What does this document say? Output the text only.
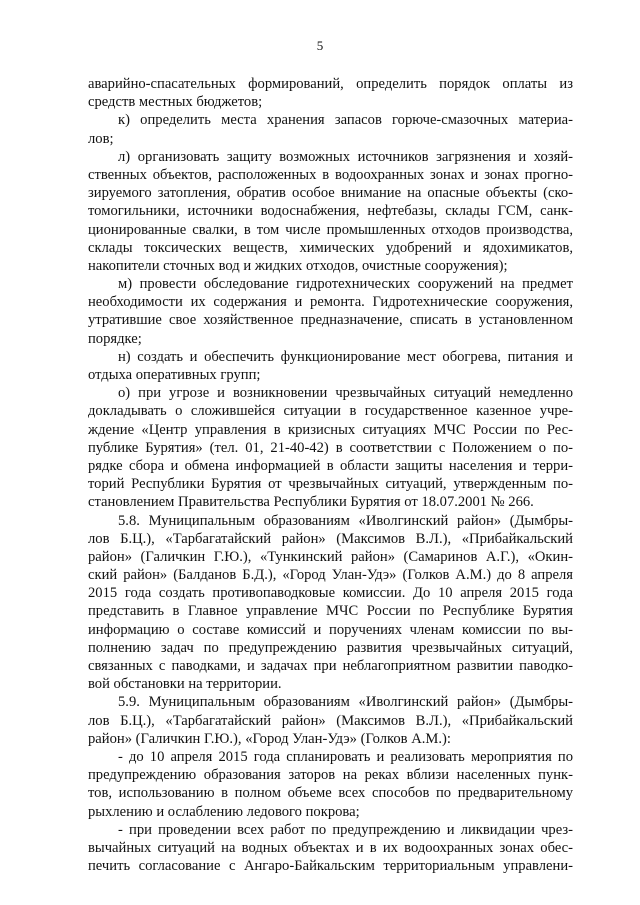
5
аварийно-спасательных формирований, определить порядок оплаты из
средств местных бюджетов;
к) определить места хранения запасов горюче-смазочных материа-
лов;
л) организовать защиту возможных источников загрязнения и хозяй-
ственных объектов, расположенных в водоохранных зонах и зонах прогно-
зируемого затопления, обратив особое внимание на опасные объекты (ско-
томогильники, источники водоснабжения, нефтебазы, склады ГСМ, санк-
ционированные свалки, в том числе промышленных отходов производства,
склады токсических веществ, химических удобрений и ядохимикатов,
накопители сточных вод и жидких отходов, очистные сооружения);
м) провести обследование гидротехнических сооружений на предмет
необходимости их содержания и ремонта. Гидротехнические сооружения,
утратившие свое хозяйственное предназначение, списать в установленном
порядке;
н) создать и обеспечить функционирование мест обогрева, питания и
отдыха оперативных групп;
о) при угрозе и возникновении чрезвычайных ситуаций немедленно
докладывать о сложившейся ситуации в государственное казенное учре-
ждение «Центр управления в кризисных ситуациях МЧС России по Рес-
публике Бурятия» (тел. 01, 21-40-42) в соответствии с Положением о по-
рядке сбора и обмена информацией в области защиты населения и терри-
торий Республики Бурятия от чрезвычайных ситуаций, утвержденным по-
становлением Правительства Республики Бурятия от 18.07.2001 № 266.
5.8. Муниципальным образованиям «Иволгинский район» (Дымбры-
лов Б.Ц.), «Тарбагатайский район» (Максимов В.Л.), «Прибайкальский
район» (Галичкин Г.Ю.), «Тункинский район» (Самаринов А.Г.), «Окин-
ский район» (Балданов Б.Д.), «Город Улан-Удэ» (Голков А.М.) до 8 апреля
2015 года создать противопаводковые комиссии. До 10 апреля 2015 года
представить в Главное управление МЧС России по Республике Бурятия
информацию о составе комиссий и поручениях членам комиссии по вы-
полнению задач по предупреждению развития чрезвычайных ситуаций,
связанных с паводками, и задачах при неблагоприятном развитии паводко-
вой обстановки на территории.
5.9. Муниципальным образованиям «Иволгинский район» (Дымбры-
лов Б.Ц.), «Тарбагатайский район» (Максимов В.Л.), «Прибайкальский
район» (Галичкин Г.Ю.), «Город Улан-Удэ» (Голков А.М.):
- до 10 апреля 2015 года спланировать и реализовать мероприятия по
предупреждению образования заторов на реках вблизи населенных пунк-
тов, использованию в полном объеме всех способов по предварительному
рыхлению и ослаблению ледового покрова;
- при проведении всех работ по предупреждению и ликвидации чрез-
вычайных ситуаций на водных объектах и в их водоохранных зонах обес-
печить согласование с Ангаро-Байкальским территориальным управлени-
